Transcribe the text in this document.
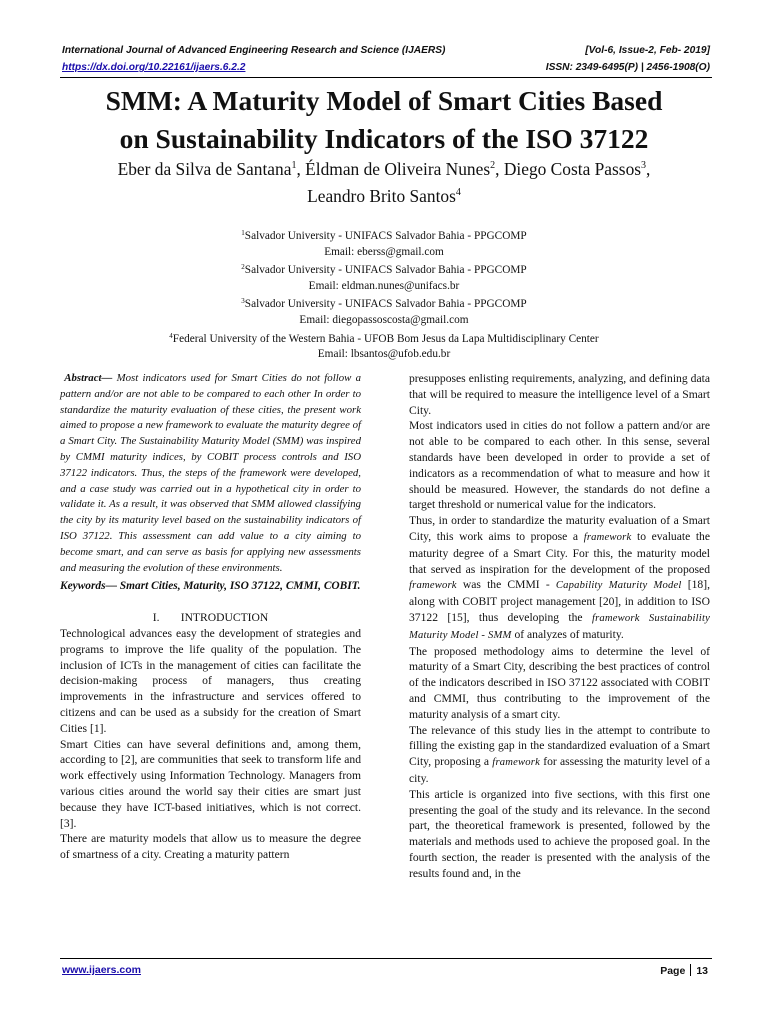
International Journal of Advanced Engineering Research and Science (IJAERS)	[Vol-6, Issue-2, Feb- 2019]
https://dx.doi.org/10.22161/ijaers.6.2.2	ISSN: 2349-6495(P) | 2456-1908(O)
SMM: A Maturity Model of Smart Cities Based
on Sustainability Indicators of the ISO 37122
Eber da Silva de Santana$^1$, Éldman de Oliveira Nunes$^2$, Diego Costa Passos$^3$,
Leandro Brito Santos$^4$
$^1$Salvador University - UNIFACS Salvador Bahia - PPGCOMP
Email: eberss@gmail.com
$^2$Salvador University - UNIFACS Salvador Bahia - PPGCOMP
Email: eldman.nunes@unifacs.br
$^3$Salvador University - UNIFACS Salvador Bahia - PPGCOMP
Email: diegopassoscosta@gmail.com
$^4$Federal University of the Western Bahia - UFOB Bom Jesus da Lapa Multidisciplinary Center
Email: lbsantos@ufob.edu.br

Abstract— Most indicators used for Smart Cities do not follow a pattern and/or are not able to be compared to each other In order to standardize the maturity evaluation of these cities, the present work aimed to propose a new framework to evaluate the maturity degree of a Smart City. The Sustainability Maturity Model (SMM) was inspired by CMMI maturity indices, by COBIT process controls and ISO 37122 indicators. Thus, the steps of the framework were developed, and a case study was carried out in a hypothetical city in order to validate it. As a result, it was observed that SMM allowed classifying the city by its maturity level based on the sustainability indicators of ISO 37122. This assessment can add value to a city aiming to become smart, and can serve as basis for applying new assessments and measuring the evolution of these environments.

Keywords— Smart Cities, Maturity, ISO 37122, CMMI, COBIT.

I. INTRODUCTION

Technological advances easy the development of strategies and programs to improve the life quality of the population. The inclusion of ICTs in the management of cities can facilitate the decision-making process of managers, thus creating improvements in the infrastructure and services offered to citizens and can be used as a subsidy for the creation of Smart Cities [1].

Smart Cities can have several definitions and, among them, according to [2], are communities that seek to transform life and work effectively using Information Technology. Managers from various cities around the world say their cities are smart just because they have ICT-based initiatives, which is not correct. [3].

There are maturity models that allow us to measure the degree of smartness of a city. Creating a maturity pattern

presupposes enlisting requirements, analyzing, and defining data that will be required to measure the intelligence level of a Smart City.

Most indicators used in cities do not follow a pattern and/or are not able to be compared to each other. In this sense, several standards have been developed in order to provide a set of indicators as a recommendation of what to measure and how it should be measured. However, the standards do not define a target threshold or numerical value for the indicators.

Thus, in order to standardize the maturity evaluation of a Smart City, this work aims to propose a framework to evaluate the maturity degree of a Smart City. For this, the maturity model that served as inspiration for the development of the proposed framework was the CMMI - Capability Maturity Model [18], along with COBIT project management [20], in addition to ISO 37122 [15], thus developing the framework Sustainability Maturity Model - SMM of analyzes of maturity.

The proposed methodology aims to determine the level of maturity of a Smart City, describing the best practices of control of the indicators described in ISO 37122 associated with COBIT and CMMI, thus contributing to the improvement of the maturity analysis of a smart city.

The relevance of this study lies in the attempt to contribute to filling the existing gap in the standardized evaluation of a Smart City, proposing a framework for assessing the maturity level of a city.

This article is organized into five sections, with this first one presenting the goal of the study and its relevance. In the second part, the theoretical framework is presented, followed by the materials and methods used to achieve the proposed goal. In the fourth section, the reader is presented with the analysis of the results found and, in the

www.ijaers.com	Page 13
